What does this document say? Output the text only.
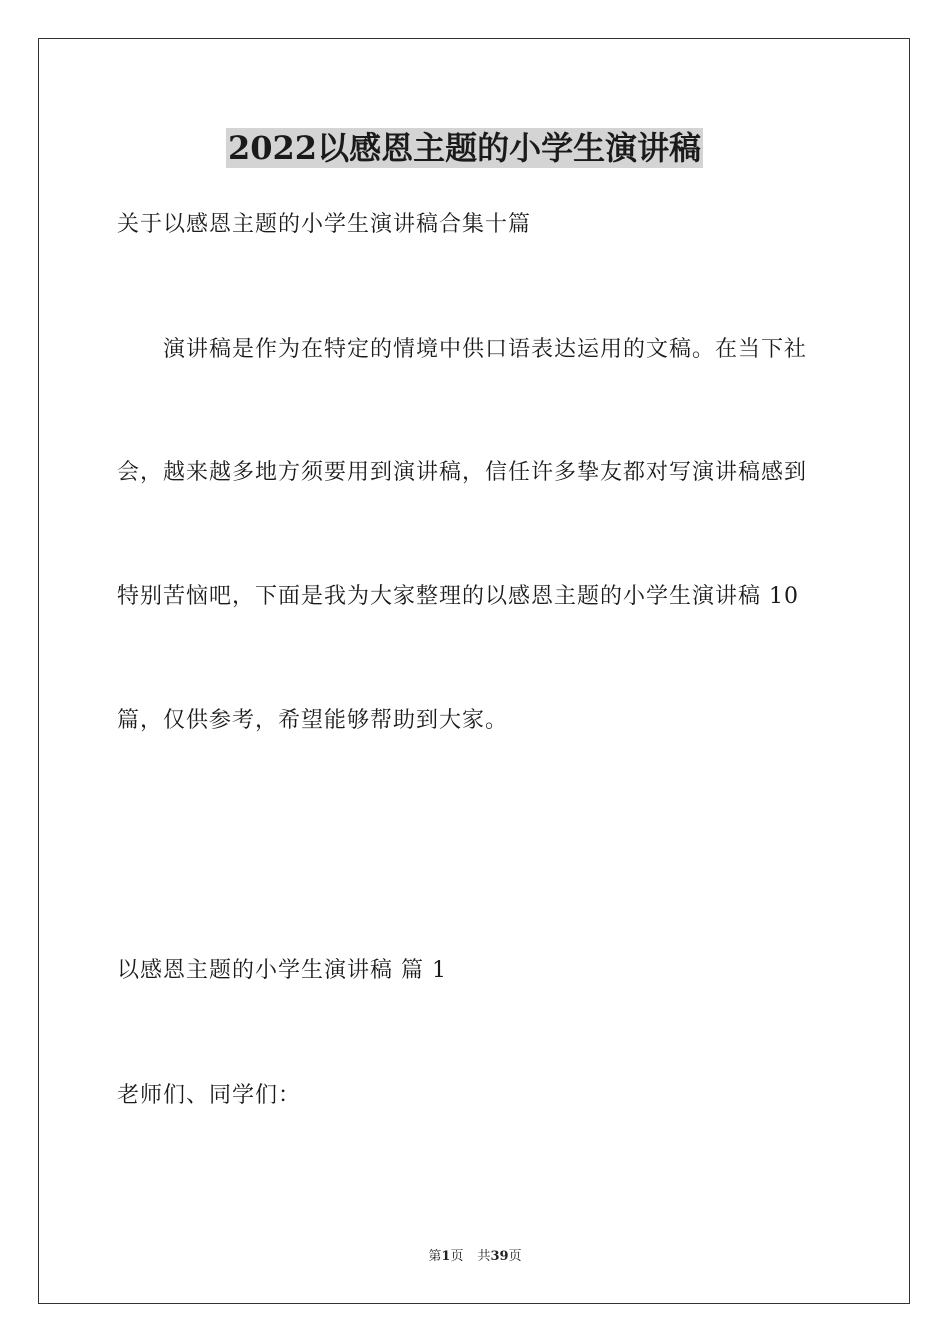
2022以感恩主题的小学生演讲稿
关于以感恩主题的小学生演讲稿合集十篇
演讲稿是作为在特定的情境中供口语表达运用的文稿。在当下社
会，越来越多地方须要用到演讲稿，信任许多挚友都对写演讲稿感到
特别苦恼吧，下面是我为大家整理的以感恩主题的小学生演讲稿 10
篇，仅供参考，希望能够帮助到大家。
以感恩主题的小学生演讲稿 篇 1
老师们、同学们：
第1页 共39页
